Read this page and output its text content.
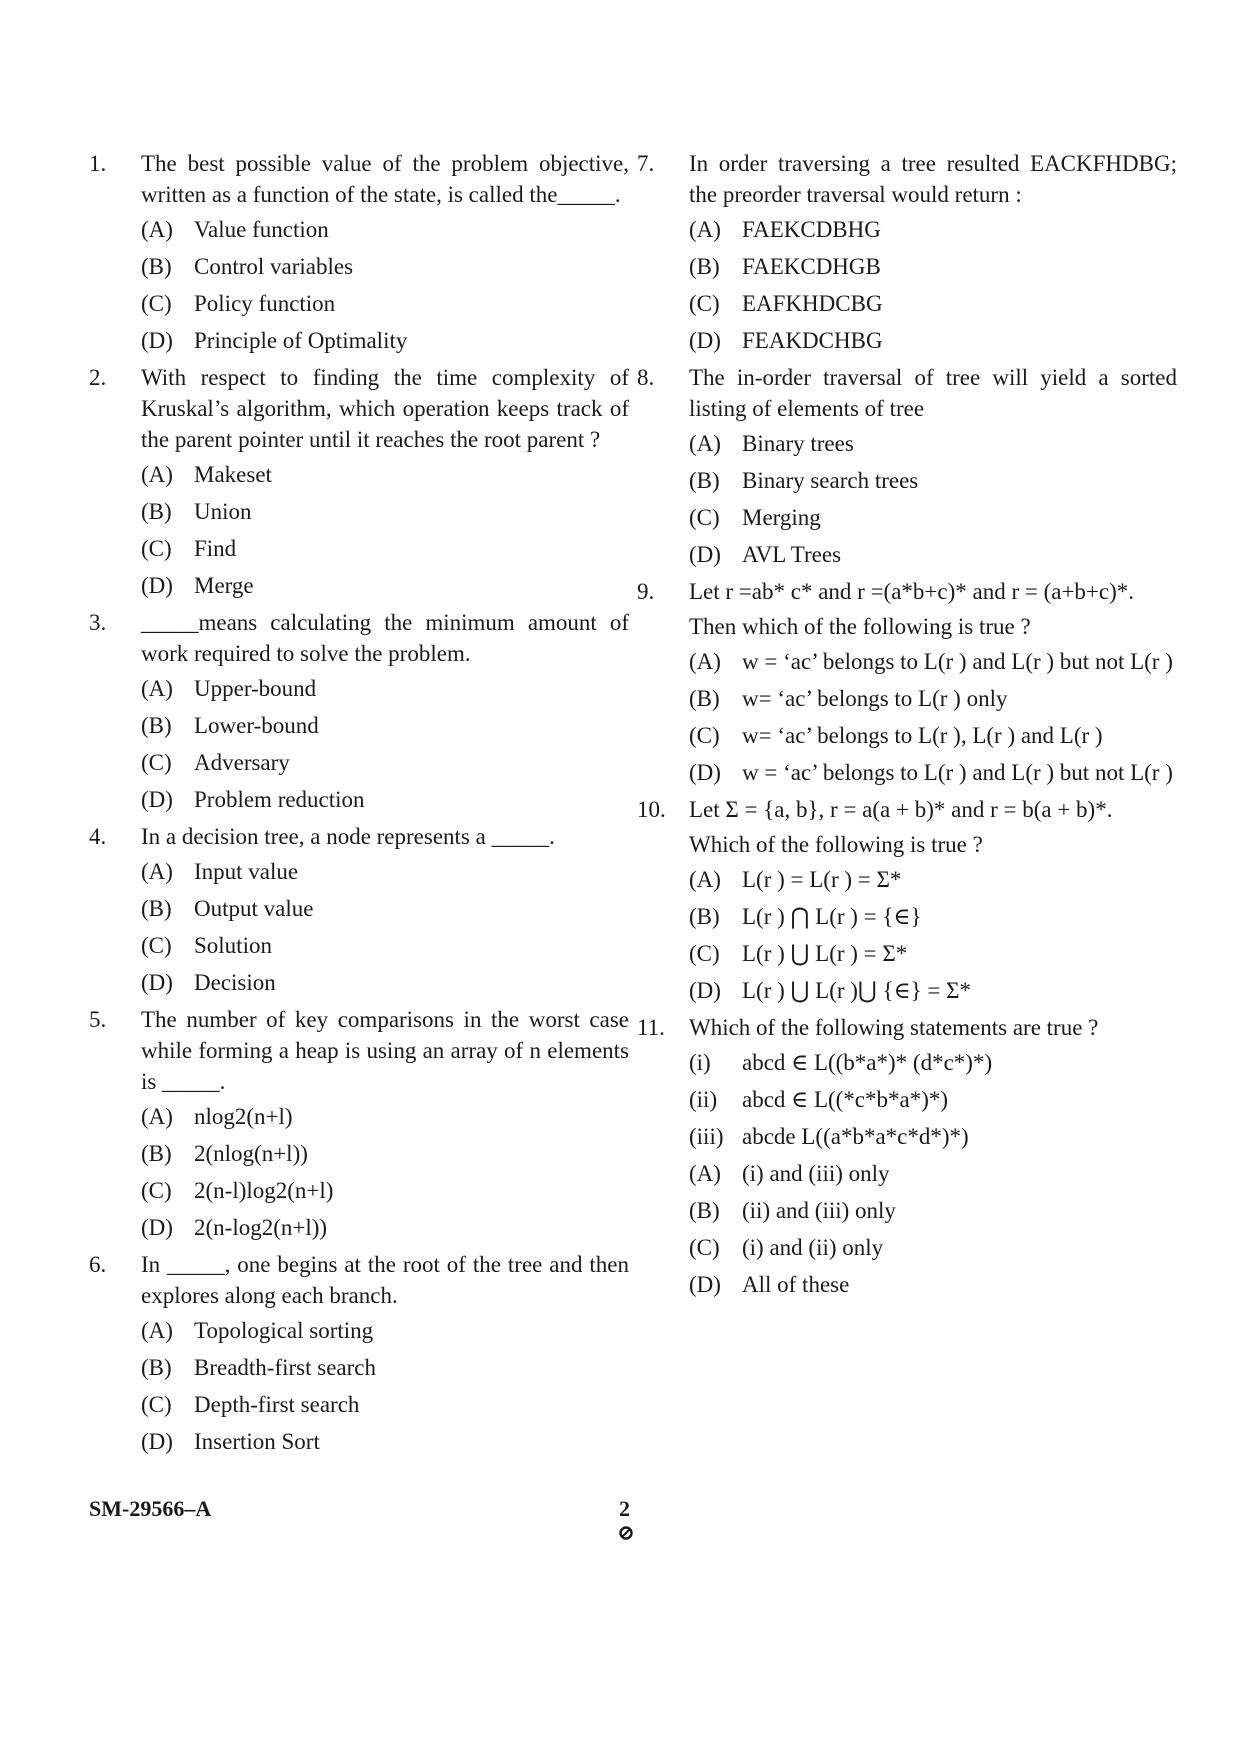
1. The best possible value of the problem objective, written as a function of the state, is called the_____.
(A) Value function
(B) Control variables
(C) Policy function
(D) Principle of Optimality
2. With respect to finding the time complexity of Kruskal’s algorithm, which operation keeps track of the parent pointer until it reaches the root parent ?
(A) Makeset
(B) Union
(C) Find
(D) Merge
3. _____means calculating the minimum amount of work required to solve the problem.
(A) Upper-bound
(B) Lower-bound
(C) Adversary
(D) Problem reduction
4. In a decision tree, a node represents a _____.
(A) Input value
(B) Output value
(C) Solution
(D) Decision
5. The number of key comparisons in the worst case while forming a heap is using an array of n elements is _____.
(A) nlog2(n+l)
(B) 2(nlog(n+l))
(C) 2(n-l)log2(n+l)
(D) 2(n-log2(n+l))
6. In _____, one begins at the root of the tree and then explores along each branch.
(A) Topological sorting
(B) Breadth-first search
(C) Depth-first search
(D) Insertion Sort
7. In order traversing a tree resulted EACKFHDBG; the preorder traversal would return :
(A) FAEKCDBHG
(B) FAEKCDHGB
(C) EAFKHDCBG
(D) FEAKDCHBG
8. The in-order traversal of tree will yield a sorted listing of elements of tree
(A) Binary trees
(B) Binary search trees
(C) Merging
(D) AVL Trees
9. Let r =ab* c* and r =(a*b+c)* and r = (a+b+c)*.
Then which of the following is true ?
(A) w = ‘ac’ belongs to L(r ) and L(r ) but not L(r )
(B) w= ‘ac’ belongs to L(r ) only
(C) w= ‘ac’ belongs to L(r ), L(r ) and L(r )
(D) w = ‘ac’ belongs to L(r ) and L(r ) but not L(r )
10. Let Σ = {a, b}, r = a(a + b)* and r = b(a + b)*.
Which of the following is true ?
(A) L(r ) = L(r ) = Σ*
(B) L(r ) ⋂ L(r ) = {∈}
(C) L(r ) ⋃ L(r ) = Σ*
(D) L(r ) ⋃ L(r )⋃ {∈} = Σ*
11. Which of the following statements are true ?
(i) abcd ∈ L((b*a*)* (d*c*)*)
(ii) abcd ∈ L((*c*b*a*)*)
(iii) abcde L((a*b*a*c*d*)*)
(A) (i) and (iii) only
(B) (ii) and (iii) only
(C) (i) and (ii) only
(D) All of these
SM-29566–A	2
